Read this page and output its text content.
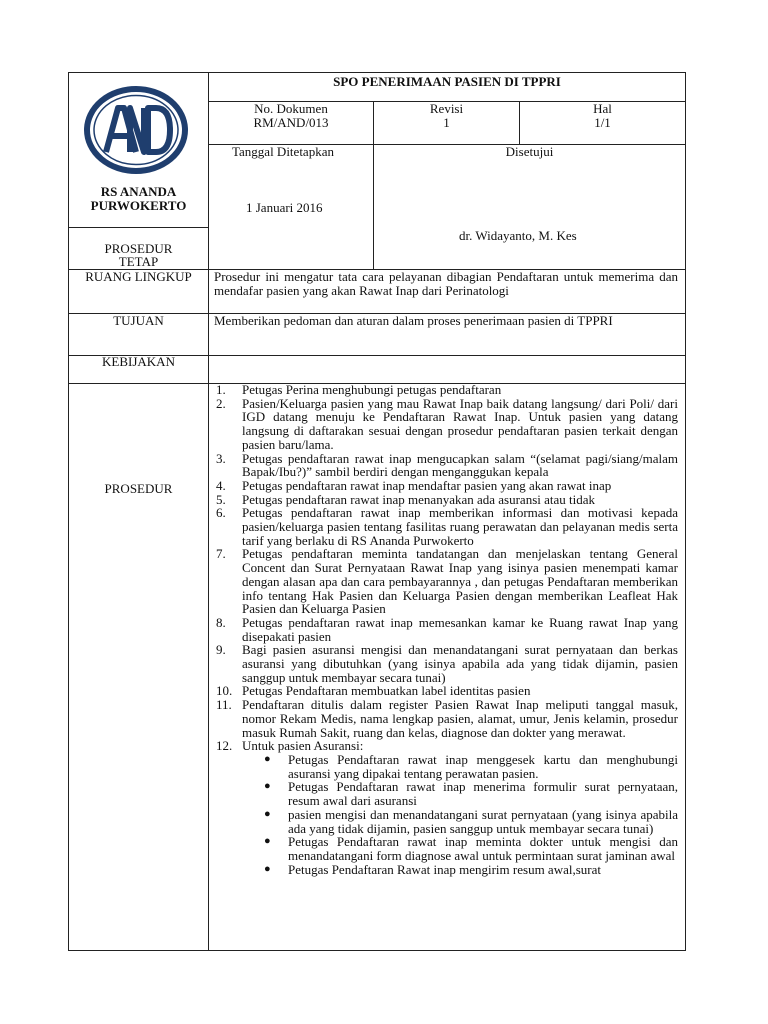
RS ANANDA
PURWOKERTO
SPO PENERIMAAN PASIEN DI TPPRI
No. Dokumen
RM/AND/013
Revisi
1
Hal
1/1
Tanggal Ditetapkan
1 Januari 2016
Disetujui
dr. Widayanto, M. Kes
PROSEDUR
TETAP
RUANG LINGKUP	Prosedur ini mengatur tata cara pelayanan dibagian Pendaftaran untuk memerima dan mendafar pasien yang akan Rawat Inap dari Perinatologi
TUJUAN	Memberikan pedoman dan aturan dalam proses penerimaan pasien di TPPRI
KEBIJAKAN
PROSEDUR
1. Petugas Perina menghubungi petugas pendaftaran
2. Pasien/Keluarga pasien yang mau Rawat Inap baik datang langsung/ dari Poli/ dari IGD datang menuju ke Pendaftaran Rawat Inap. Untuk pasien yang datang langsung di daftarakan sesuai dengan prosedur pendaftaran pasien terkait dengan pasien baru/lama.
3. Petugas pendaftaran rawat inap mengucapkan salam “(selamat pagi/siang/malam Bapak/Ibu?)” sambil berdiri dengan menganggukan kepala
4. Petugas pendaftaran rawat inap mendaftar pasien yang akan rawat inap
5. Petugas pendaftaran rawat inap menanyakan ada asuransi atau tidak
6. Petugas pendaftaran rawat inap memberikan informasi dan motivasi kepada pasien/keluarga pasien tentang fasilitas ruang perawatan dan pelayanan medis serta tarif yang berlaku di RS Ananda Purwokerto
7. Petugas pendaftaran meminta tandatangan dan menjelaskan tentang General Concent dan Surat Pernyataan Rawat Inap yang isinya pasien menempati kamar dengan alasan apa dan cara pembayarannya , dan petugas Pendaftaran memberikan info tentang Hak Pasien dan Keluarga Pasien dengan memberikan Leafleat Hak Pasien dan Keluarga Pasien
8. Petugas pendaftaran rawat inap memesankan kamar ke Ruang rawat Inap yang disepakati pasien
9. Bagi pasien asuransi mengisi dan menandatangani surat pernyataan dan berkas asuransi yang dibutuhkan (yang isinya apabila ada yang tidak dijamin, pasien sanggup untuk membayar secara tunai)
10. Petugas Pendaftaran membuatkan label identitas pasien
11. Pendaftaran ditulis dalam register Pasien Rawat Inap meliputi tanggal masuk, nomor Rekam Medis, nama lengkap pasien, alamat, umur, Jenis kelamin, prosedur masuk Rumah Sakit, ruang dan kelas, diagnose dan dokter yang merawat.
12. Untuk pasien Asuransi:
● Petugas Pendaftaran rawat inap menggesek kartu dan menghubungi asuransi yang dipakai tentang perawatan pasien.
● Petugas Pendaftaran rawat inap menerima formulir surat pernyataan, resum awal dari asuransi
● pasien mengisi dan menandatangani surat pernyataan (yang isinya apabila ada yang tidak dijamin, pasien sanggup untuk membayar secara tunai)
● Petugas Pendaftaran rawat inap meminta dokter untuk mengisi dan menandatangani form diagnose awal untuk permintaan surat jaminan awal
● Petugas Pendaftaran Rawat inap mengirim resum awal,surat
